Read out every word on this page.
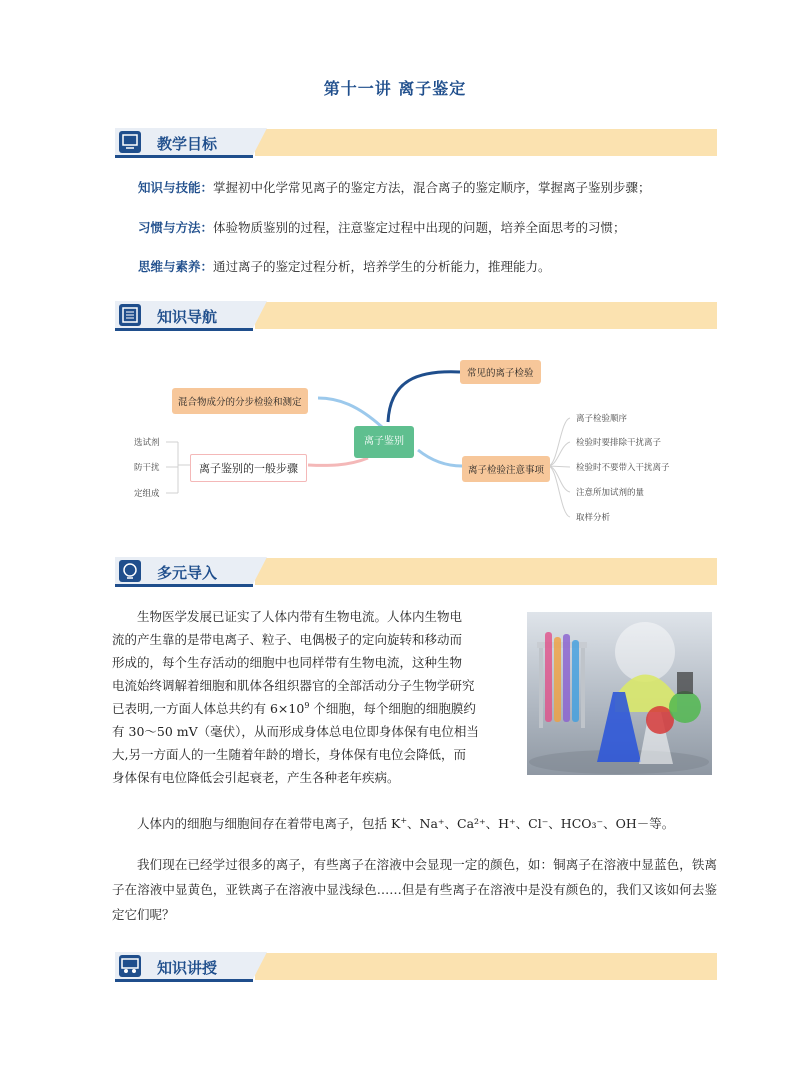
第十一讲 离子鉴定
教学目标
知识与技能：掌握初中化学常见离子的鉴定方法，混合离子的鉴定顺序，掌握离子鉴别步骤；
习惯与方法：体验物质鉴别的过程，注意鉴定过程中出现的问题，培养全面思考的习惯；
思维与素养：通过离子的鉴定过程分析，培养学生的分析能力，推理能力。
知识导航
离子鉴别
常见的离子检验
混合物成分的分步检验和测定
离子鉴别的一般步骤	离子检验注意事项
选试剂
防干扰
定组成
离子检验顺序
检验时要排除干扰离子
检验时不要带入干扰离子
注意所加试剂的量
取样分析
多元导入
生物医学发展已证实了人体内带有生物电流。人体内生物电
流的产生靠的是带电离子、粒子、电偶极子的定向旋转和移动而
形成的，每个生存活动的细胞中也同样带有生物电流，这种生物
电流始终调解着细胞和肌体各组织器官的全部活动分子生物学研究
已表明,一方面人体总共约有 $6\times 10^9$ 个细胞，每个细胞的细胞膜约
有 30～50 mV（毫伏），从而形成身体总电位即身体保有电位相当
大,另一方面人的一生随着年龄的增长，身体保有电位会降低，而
身体保有电位降低会引起衰老，产生各种老年疾病。
人体内的细胞与细胞间存在着带电离子，包括 K+、Na⁺、Ca²⁺、H⁺、Cl⁻、HCO₃⁻、OH－等。
我们现在已经学过很多的离子，有些离子在溶液中会显现一定的颜色，如：铜离子在溶液中显蓝色，铁离子在溶液中显黄色，亚铁离子在溶液中显浅绿色……但是有些离子在溶液中是没有颜色的，我们又该如何去鉴定它们呢？
知识讲授
